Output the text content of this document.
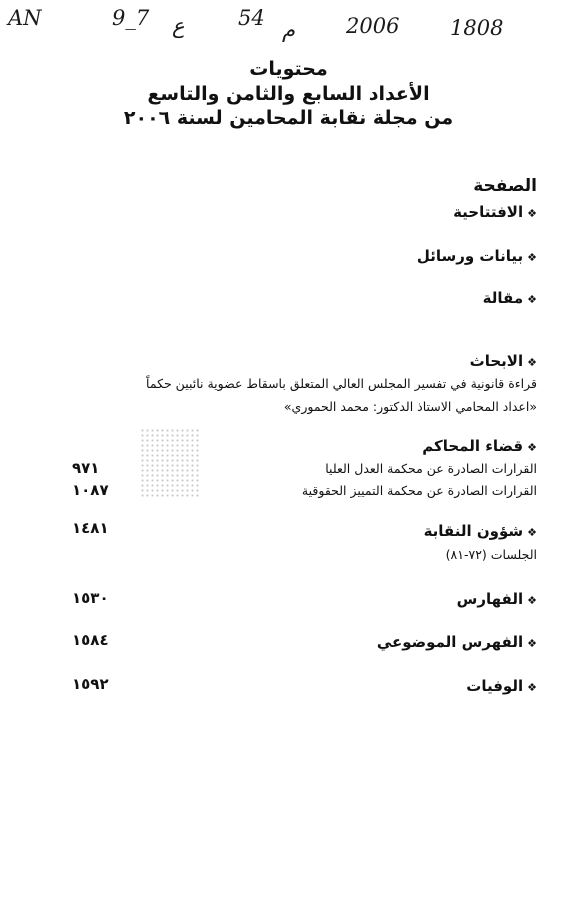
AN	9_7 ع	54 م 2006 1808
محتويات
الأعداد السابع والثامن والتاسع
من مجلة نقابة المحامين لسنة ٢٠٠٦
الصفحة
❖الافتتاحية
❖بيانات ورسائل
❖مقالة
❖الابحاث
قراءة قانونية في تفسير المجلس العالي المتعلق باسقاط عضوية نائبين حكماً
«اعداد المحامي الاستاذ الدكتور: محمد الحموري»
❖قضاء المحاكم
القرارات الصادرة عن محكمة العدل العليا
٩٧١
القرارات الصادرة عن محكمة التمييز الحقوقية
١٠٨٧
❖شؤون النقابة
١٤٨١
الجلسات (٧٢-٨١)
❖الفهارس
١٥٣٠
❖الفهرس الموضوعي
١٥٨٤
❖الوفيات
١٥٩٢
